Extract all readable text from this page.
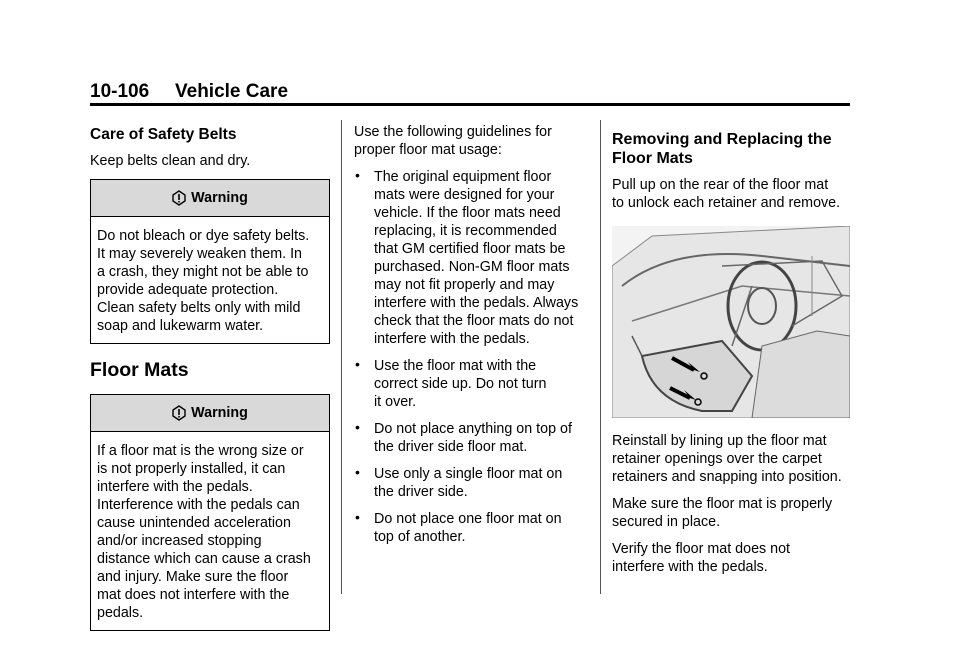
10-106 Vehicle Care
Care of Safety Belts

Keep belts clean and dry.

Warning
Do not bleach or dye safety belts.
It may severely weaken them. In
a crash, they might not be able to
provide adequate protection.
Clean safety belts only with mild
soap and lukewarm water.
Floor Mats
Warning
If a floor mat is the wrong size or
is not properly installed, it can
interfere with the pedals.
Interference with the pedals can
cause unintended acceleration
and/or increased stopping
distance which can cause a crash
and injury. Make sure the floor
mat does not interfere with the
pedals.

Use the following guidelines for
proper floor mat usage:

• The original equipment floor
mats were designed for your
vehicle. If the floor mats need
replacing, it is recommended
that GM certified floor mats be
purchased. Non-GM floor mats
may not fit properly and may
interfere with the pedals. Always
check that the floor mats do not
interfere with the pedals.
• Use the floor mat with the
correct side up. Do not turn
it over.
• Do not place anything on top of
the driver side floor mat.
• Use only a single floor mat on
the driver side.
• Do not place one floor mat on
top of another.
Removing and Replacing the
Floor Mats

Pull up on the rear of the floor mat
to unlock each retainer and remove.

Reinstall by lining up the floor mat
retainer openings over the carpet
retainers and snapping into position.

Make sure the floor mat is properly
secured in place.

Verify the floor mat does not
interfere with the pedals.
